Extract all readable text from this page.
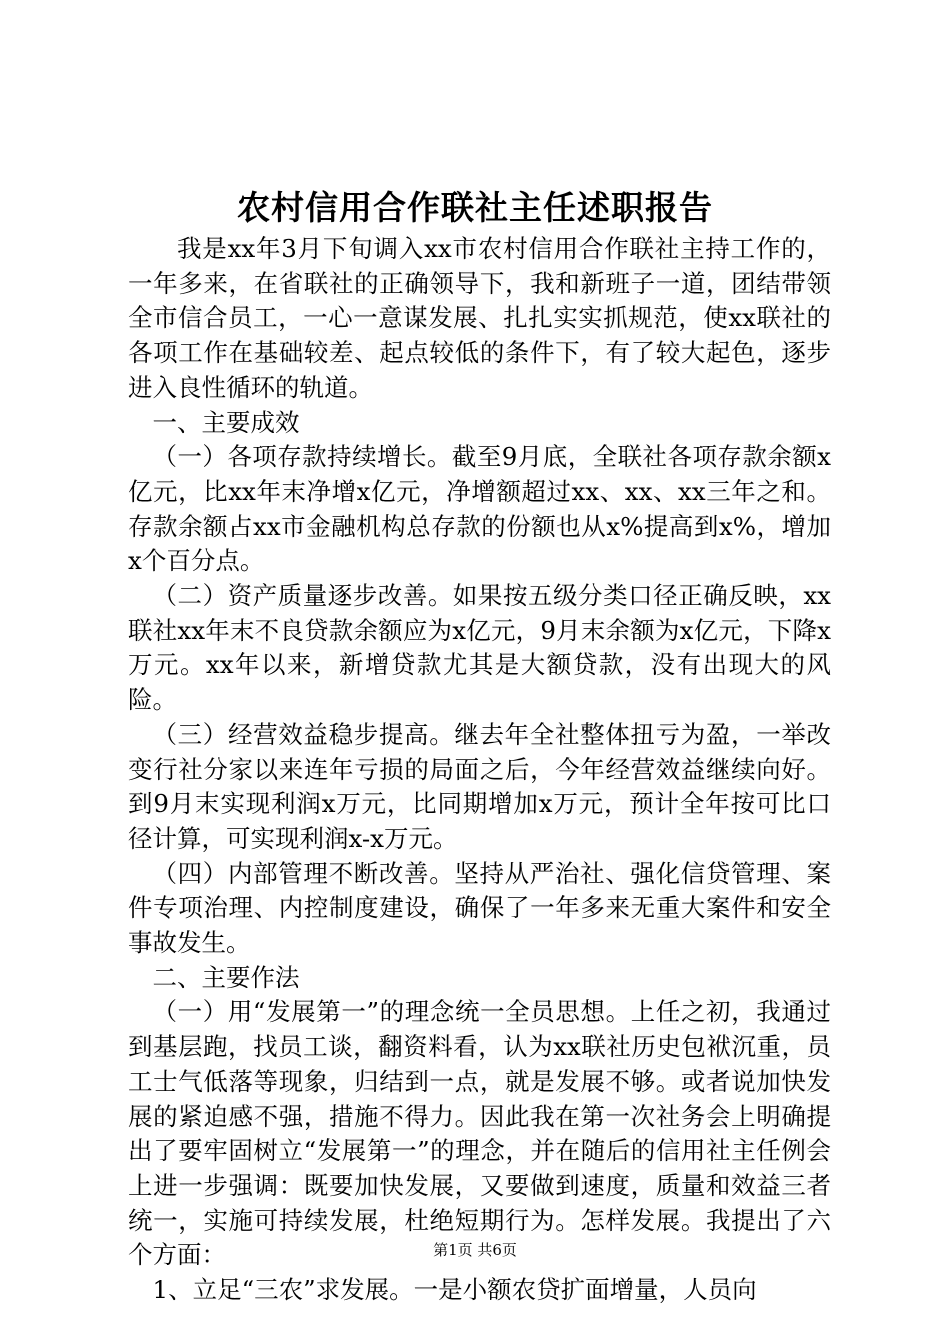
农村信用合作联社主任述职报告

我是xx年3月下旬调入xx市农村信用合作联社主持工作的，一年多来，在省联社的正确领导下，我和新班子一道，团结带领全市信合员工，一心一意谋发展、扎扎实实抓规范，使xx联社的各项工作在基础较差、起点较低的条件下，有了较大起色，逐步进入良性循环的轨道。

一、主要成效

（一）各项存款持续增长。截至9月底，全联社各项存款余额x亿元，比xx年末净增x亿元，净增额超过xx、xx、xx三年之和。存款余额占xx市金融机构总存款的份额也从x%提高到x%，增加x个百分点。

（二）资产质量逐步改善。如果按五级分类口径正确反映，xx联社xx年末不良贷款余额应为x亿元，9月末余额为x亿元，下降x万元。xx年以来，新增贷款尤其是大额贷款，没有出现大的风险。

（三）经营效益稳步提高。继去年全社整体扭亏为盈，一举改变行社分家以来连年亏损的局面之后，今年经营效益继续向好。到9月末实现利润x万元，比同期增加x万元，预计全年按可比口径计算，可实现利润x-x万元。

（四）内部管理不断改善。坚持从严治社、强化信贷管理、案件专项治理、内控制度建设，确保了一年多来无重大案件和安全事故发生。

二、主要作法

（一）用“发展第一”的理念统一全员思想。上任之初，我通过到基层跑，找员工谈，翻资料看，认为xx联社历史包袱沉重，员工士气低落等现象，归结到一点，就是发展不够。或者说加快发展的紧迫感不强，措施不得力。因此我在第一次社务会上明确提出了要牢固树立“发展第一”的理念，并在随后的信用社主任例会上进一步强调：既要加快发展，又要做到速度，质量和效益三者统一，实施可持续发展，杜绝短期行为。怎样发展。我提出了六个方面：

1、立足“三农”求发展。一是小额农贷扩面增量，人员向

第1页 共6页
